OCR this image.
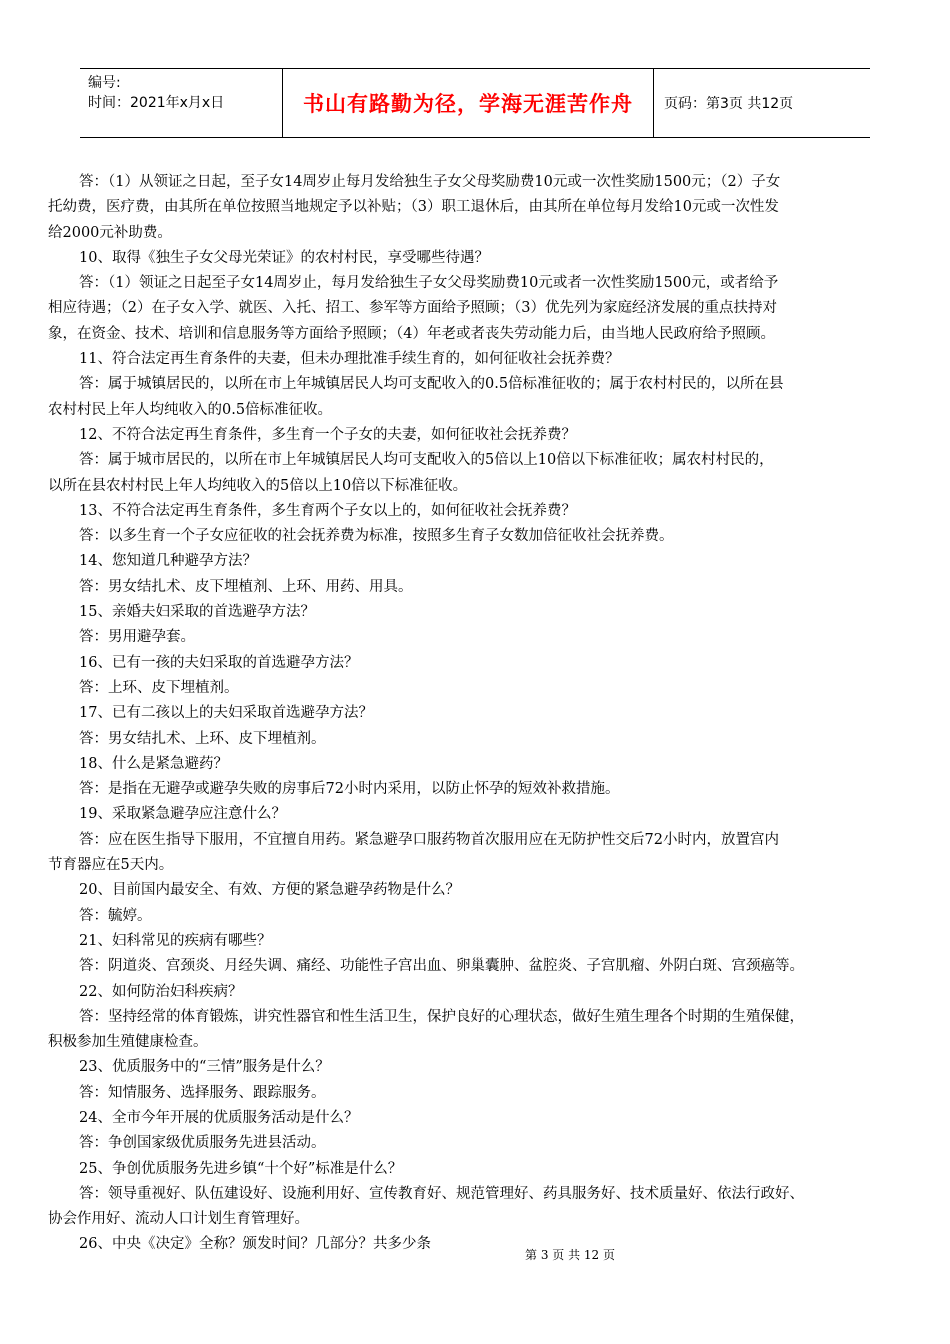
编号:
时间：2021年x月x日	书山有路勤为径，学海无涯苦作舟 页码：第3页 共12页
答：（1）从领证之日起，至子女14周岁止每月发给独生子女父母奖励费10元或一次性奖励1500元；（2）子女
托幼费，医疗费，由其所在单位按照当地规定予以补贴；（3）职工退休后，由其所在单位每月发给10元或一次性发
给2000元补助费。
10、取得《独生子女父母光荣证》的农村村民，享受哪些待遇？
答：（1）领证之日起至子女14周岁止，每月发给独生子女父母奖励费10元或者一次性奖励1500元，或者给予
相应待遇；（2）在子女入学、就医、入托、招工、参军等方面给予照顾；（3）优先列为家庭经济发展的重点扶持对
象，在资金、技术、培训和信息服务等方面给予照顾；（4）年老或者丧失劳动能力后，由当地人民政府给予照顾。
11、符合法定再生育条件的夫妻，但未办理批准手续生育的，如何征收社会抚养费？
答：属于城镇居民的，以所在市上年城镇居民人均可支配收入的0.5倍标准征收的；属于农村村民的，以所在县
农村村民上年人均纯收入的0.5倍标准征收。
12、不符合法定再生育条件，多生育一个子女的夫妻，如何征收社会抚养费？
答：属于城市居民的，以所在市上年城镇居民人均可支配收入的5倍以上10倍以下标准征收；属农村村民的，
以所在县农村村民上年人均纯收入的5倍以上10倍以下标准征收。
13、不符合法定再生育条件，多生育两个子女以上的，如何征收社会抚养费？
答：以多生育一个子女应征收的社会抚养费为标准，按照多生育子女数加倍征收社会抚养费。
14、您知道几种避孕方法？
答：男女结扎术、皮下埋植剂、上环、用药、用具。
15、亲婚夫妇采取的首选避孕方法？
答：男用避孕套。
16、已有一孩的夫妇采取的首选避孕方法？
答：上环、皮下埋植剂。
17、已有二孩以上的夫妇采取首选避孕方法？
答：男女结扎术、上环、皮下埋植剂。
18、什么是紧急避药？
答：是指在无避孕或避孕失败的房事后72小时内采用，以防止怀孕的短效补救措施。
19、采取紧急避孕应注意什么？
答：应在医生指导下服用，不宜擅自用药。紧急避孕口服药物首次服用应在无防护性交后72小时内，放置宫内
节育器应在5天内。
20、目前国内最安全、有效、方便的紧急避孕药物是什么？
答：毓婷。
21、妇科常见的疾病有哪些？
答：阴道炎、宫颈炎、月经失调、痛经、功能性子宫出血、卵巢囊肿、盆腔炎、子宫肌瘤、外阴白斑、宫颈癌等。
22、如何防治妇科疾病？
答：坚持经常的体育锻炼，讲究性器官和性生活卫生，保护良好的心理状态，做好生殖生理各个时期的生殖保健，
积极参加生殖健康检查。
23、优质服务中的“三情”服务是什么？
答：知情服务、选择服务、跟踪服务。
24、全市今年开展的优质服务活动是什么？
答：争创国家级优质服务先进县活动。
25、争创优质服务先进乡镇“十个好”标准是什么？
答：领导重视好、队伍建设好、设施利用好、宣传教育好、规范管理好、药具服务好、技术质量好、依法行政好、
协会作用好、流动人口计划生育管理好。
26、中央《决定》全称？颁发时间？几部分？共多少条
第 3 页 共 12 页
